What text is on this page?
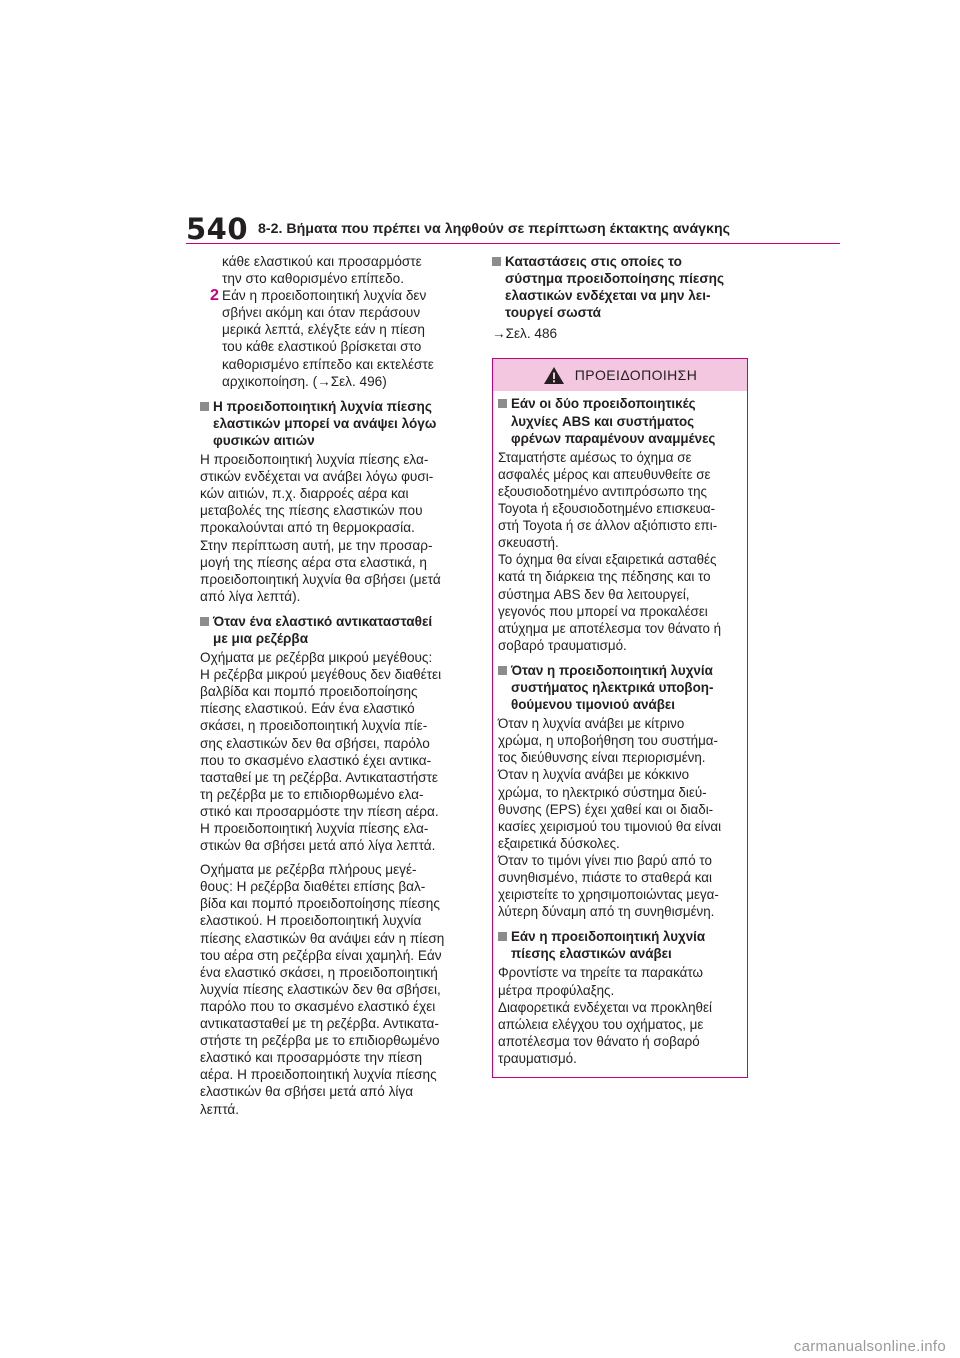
540 8-2. Βήματα που πρέπει να ληφθούν σε περίπτωση έκτακτης ανάγκης

κάθε ελαστικού και προσαρμόστε

την στο καθορισμένο επίπεδο.

2 Εάν η προειδοποιητική λυχνία δεν

σβήνει ακόμη και όταν περάσουν

μερικά λεπτά, ελέγξτε εάν η πίεση

του κάθε ελαστικού βρίσκεται στο

καθορισμένο επίπεδο και εκτελέστε

αρχικοποίηση. (→Σελ. 496)

Η προειδοποιητική λυχνία πίεσης
ελαστικών μπορεί να ανάψει λόγω
φυσικών αιτιών

Η προειδοποιητική λυχνία πίεσης ελα-

στικών ενδέχεται να ανάβει λόγω φυσι-

κών αιτιών, π.χ. διαρροές αέρα και

μεταβολές της πίεσης ελαστικών που

προκαλούνται από τη θερμοκρασία.

Στην περίπτωση αυτή, με την προσαρ-

μογή της πίεσης αέρα στα ελαστικά, η

προειδοποιητική λυχνία θα σβήσει (μετά

από λίγα λεπτά).

Όταν ένα ελαστικό αντικατασταθεί
με μια ρεζέρβα

Οχήματα με ρεζέρβα μικρού μεγέθους:

Η ρεζέρβα μικρού μεγέθους δεν διαθέτει

βαλβίδα και πομπό προειδοποίησης

πίεσης ελαστικού. Εάν ένα ελαστικό

σκάσει, η προειδοποιητική λυχνία πίε-

σης ελαστικών δεν θα σβήσει, παρόλο

που το σκασμένο ελαστικό έχει αντικα-

τασταθεί με τη ρεζέρβα. Αντικαταστήστε

τη ρεζέρβα με το επιδιορθωμένο ελα-

στικό και προσαρμόστε την πίεση αέρα.

Η προειδοποιητική λυχνία πίεσης ελα-

στικών θα σβήσει μετά από λίγα λεπτά.

Οχήματα με ρεζέρβα πλήρους μεγέ-

θους: Η ρεζέρβα διαθέτει επίσης βαλ-

βίδα και πομπό προειδοποίησης πίεσης

ελαστικού. Η προειδοποιητική λυχνία

πίεσης ελαστικών θα ανάψει εάν η πίεση

του αέρα στη ρεζέρβα είναι χαμηλή. Εάν

ένα ελαστικό σκάσει, η προειδοποιητική

λυχνία πίεσης ελαστικών δεν θα σβήσει,

παρόλο που το σκασμένο ελαστικό έχει

αντικατασταθεί με τη ρεζέρβα. Αντικατα-

στήστε τη ρεζέρβα με το επιδιορθωμένο

ελαστικό και προσαρμόστε την πίεση

αέρα. Η προειδοποιητική λυχνία πίεσης

ελαστικών θα σβήσει μετά από λίγα

λεπτά.

Καταστάσεις στις οποίες το
σύστημα προειδοποίησης πίεσης
ελαστικών ενδέχεται να μην λει-
τουργεί σωστά

→Σελ. 486

ΠΡΟΕΙΔΟΠΟΙΗΣΗ
Εάν οι δύο προειδοποιητικές
λυχνίες ABS και συστήματος
φρένων παραμένουν αναμμένες

Σταματήστε αμέσως το όχημα σε

ασφαλές μέρος και απευθυνθείτε σε

εξουσιοδοτημένο αντιπρόσωπο της

Toyota ή εξουσιοδοτημένο επισκευα-

στή Toyota ή σε άλλον αξιόπιστο επι-

σκευαστή.

Το όχημα θα είναι εξαιρετικά ασταθές

κατά τη διάρκεια της πέδησης και το

σύστημα ABS δεν θα λειτουργεί,

γεγονός που μπορεί να προκαλέσει

ατύχημα με αποτέλεσμα τον θάνατο ή

σοβαρό τραυματισμό.

Όταν η προειδοποιητική λυχνία
συστήματος ηλεκτρικά υποβοη-
θούμενου τιμονιού ανάβει

Όταν η λυχνία ανάβει με κίτρινο

χρώμα, η υποβοήθηση του συστήμα-

τος διεύθυνσης είναι περιορισμένη.

Όταν η λυχνία ανάβει με κόκκινο

χρώμα, το ηλεκτρικό σύστημα διεύ-

θυνσης (EPS) έχει χαθεί και οι διαδι-

κασίες χειρισμού του τιμονιού θα είναι

εξαιρετικά δύσκολες.

Όταν το τιμόνι γίνει πιο βαρύ από το

συνηθισμένο, πιάστε το σταθερά και

χειριστείτε το χρησιμοποιώντας μεγα-

λύτερη δύναμη από τη συνηθισμένη.

Εάν η προειδοποιητική λυχνία
πίεσης ελαστικών ανάβει

Φροντίστε να τηρείτε τα παρακάτω

μέτρα προφύλαξης.

Διαφορετικά ενδέχεται να προκληθεί

απώλεια ελέγχου του οχήματος, με

αποτέλεσμα τον θάνατο ή σοβαρό

τραυματισμό.

carmanualsonline.info
